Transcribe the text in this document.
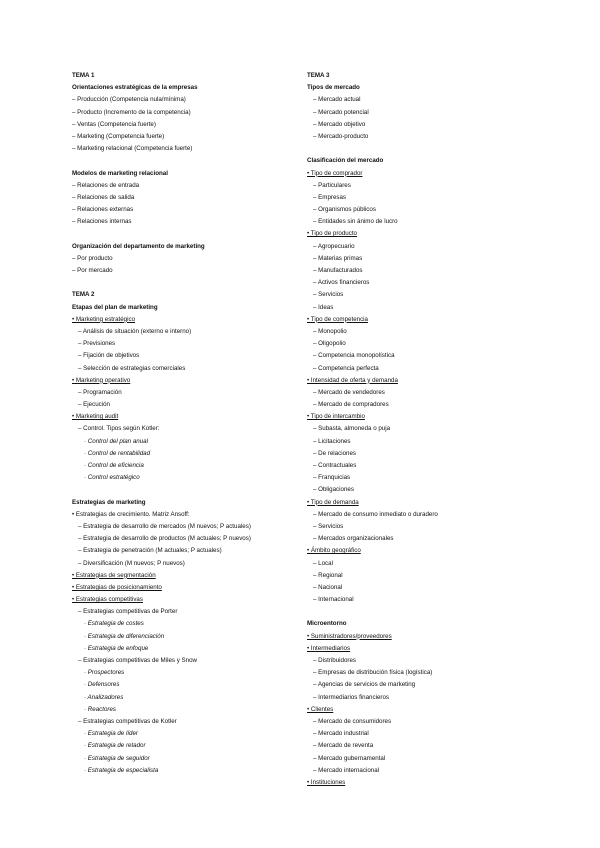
TEMA 1
Orientaciones estratégicas de la empresas
– Producción (Competencia nula/mínima)
– Producto (Incremento de la competencia)
– Ventas (Competencia fuerte)
– Marketing (Competencia fuerte)
– Marketing relacional (Competencia fuerte)
Modelos de marketing relacional
– Relaciones de entrada
– Relaciones de salida
– Relaciones externas
– Relaciones internas
Organización del departamento de marketing
– Por producto
– Por mercado
TEMA 2
Etapas del plan de marketing
• Marketing estratégico
– Análisis de situación (externo e interno)
– Previsiones
– Fijación de objetivos
– Selección de estrategias comerciales
• Marketing operativo
– Programación
– Ejecución
• Marketing audit
– Control. Tipos según Kotler:
· Control del plan anual
· Control de rentabilidad
· Control de eficiencia
· Control estratégico
Estrategias de marketing
• Estrategias de crecimiento. Matriz Ansoff:
– Estrategia de desarrollo de mercados (M nuevos; P actuales)
– Estrategia de desarrollo de productos (M actuales; P nuevos)
– Estrategia de penetración (M actuales; P actuales)
– Diversificación (M nuevos; P nuevos)
• Estrategias de segmentación
• Estrategias de posicionamiento
• Estrategias competitivas
– Estrategias competitivas de Porter
· Estrategia de costes
· Estrategia de diferenciación
· Estrategia de enfoque
– Estrategias competitivas de Miles y Snow
· Prospectores
· Defensores
· Analizadores
· Reactores
– Estrategias competitivas de Kotler
· Estrategia de líder
· Estrategia de retador
· Estrategia de seguidor
· Estrategia de especialista
TEMA 3
Tipos de mercado
– Mercado actual
– Mercado potencial
– Mercado objetivo
– Mercado-producto
Clasificación del mercado
• Tipo de comprador
– Particulares
– Empresas
– Organismos públicos
– Entidades sin ánimo de lucro
• Tipo de producto
– Agropecuario
– Materias primas
– Manufacturados
– Activos financieros
– Servicios
– Ideas
• Tipo de competencia
– Monopolio
– Oligopolio
– Competencia monopolística
– Competencia perfecta
• Intensidad de oferta y demanda
– Mercado de vendedores
– Mercado de compradores
• Tipo de intercambio
– Subasta, almoneda o puja
– Licitaciones
– De relaciones
– Contractuales
– Franquicias
– Obligaciones
• Tipo de demanda
– Mercado de consumo inmediato o duradero
– Servicios
– Mercados organizacionales
• Ámbito geográfico
– Local
– Regional
– Nacional
– Internacional
Microentorno
• Suministradores/proveedores
• Intermediarios
– Distribuidores
– Empresas de distribución física (logística)
– Agencias de servicios de marketing
– Intermediarios financieros
• Clientes
– Mercado de consumidores
– Mercado industrial
– Mercado de reventa
– Mercado gubernamental
– Mercado internacional
• Instituciones
